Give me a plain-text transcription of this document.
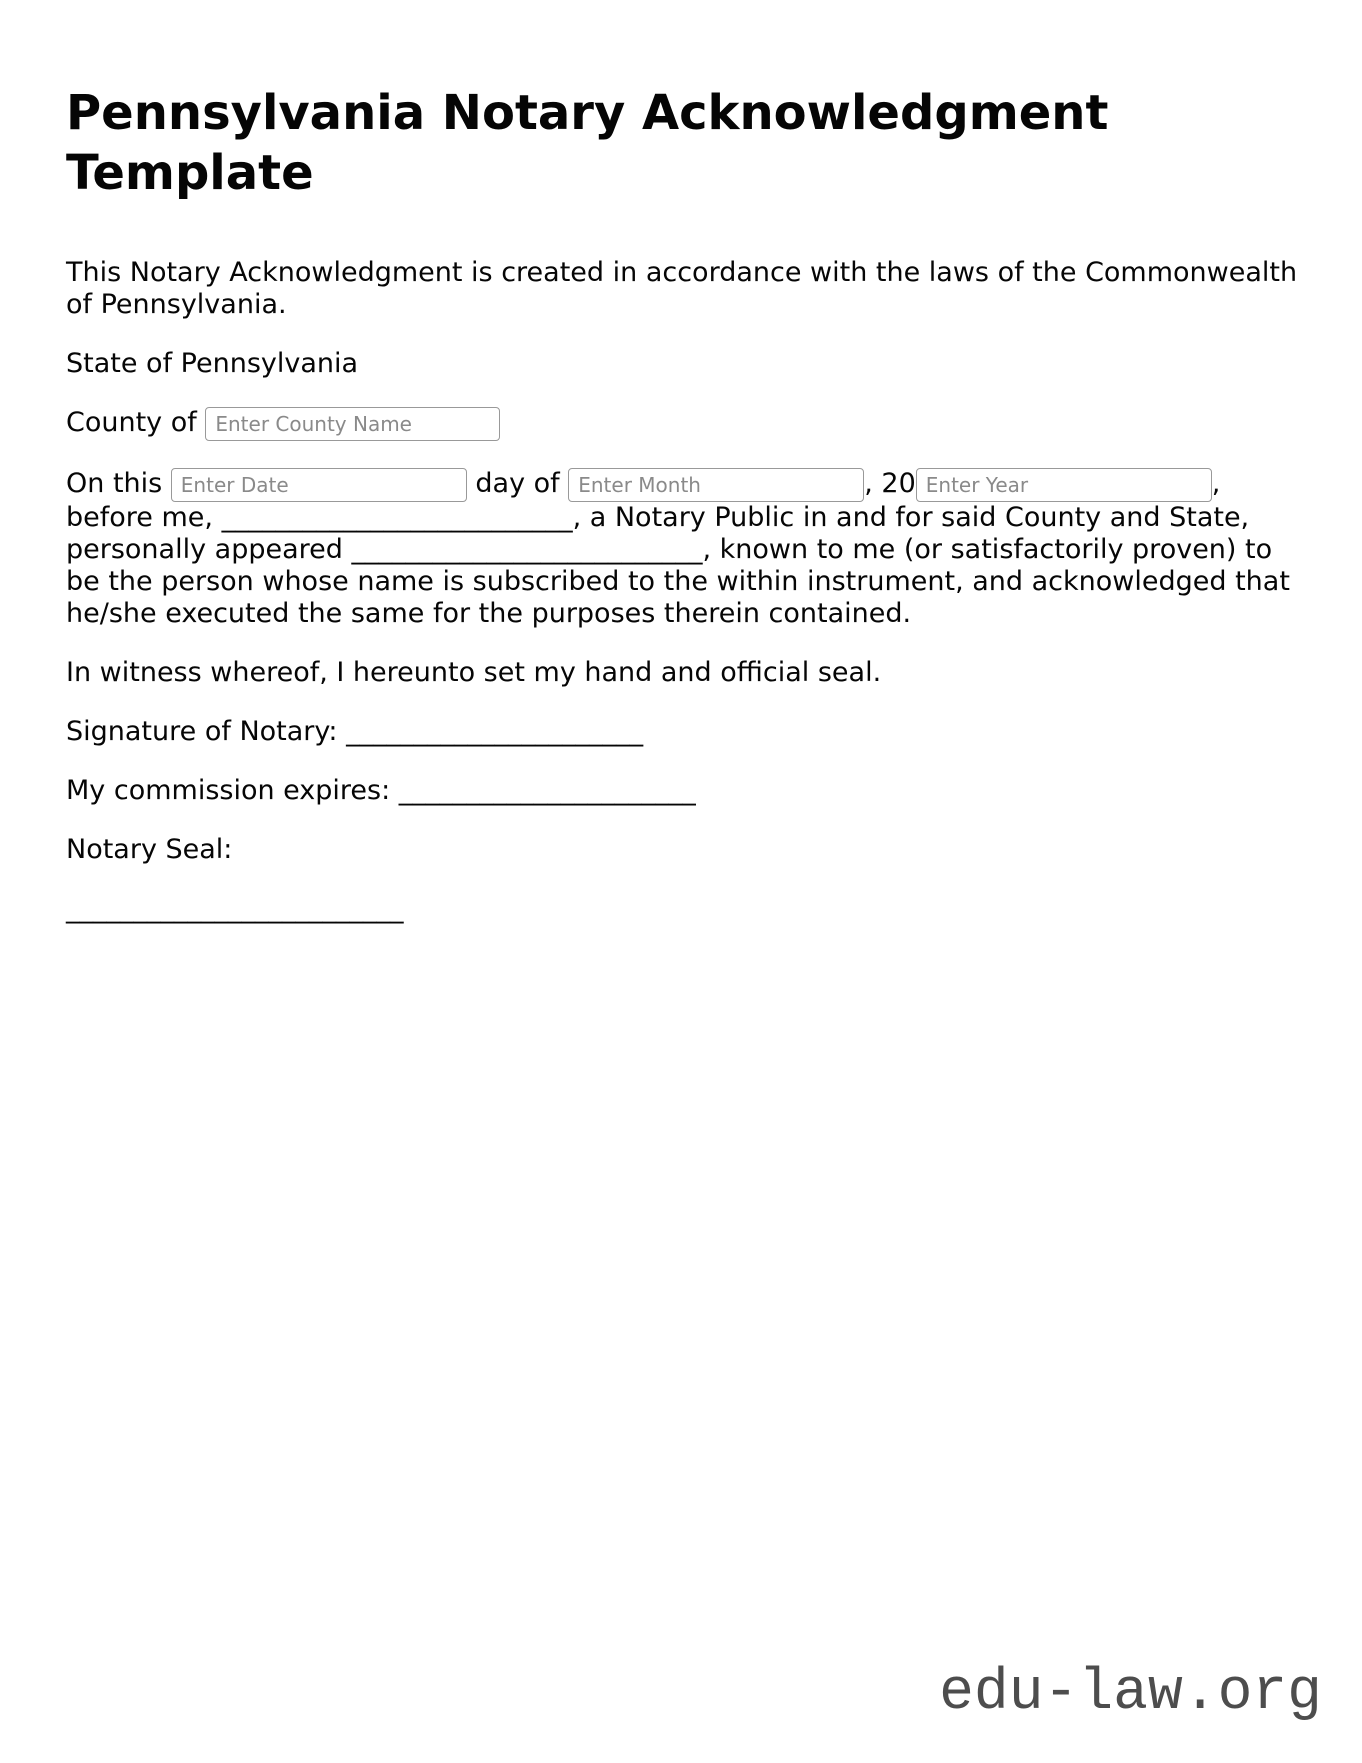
Pennsylvania Notary Acknowledgment Template

This Notary Acknowledgment is created in accordance with the laws of the Commonwealth of Pennsylvania.

State of Pennsylvania

County of Enter County Name

On this Enter Date	day of Enter Month	, 20Enter Year	, before me, __________________________, a Notary Public in and for said County and State, personally appeared __________________________, known to me (or satisfactorily proven) to be the person whose name is subscribed to the within instrument, and acknowledged that he/she executed the same for the purposes therein contained.

In witness whereof, I hereunto set my hand and official seal.

Signature of Notary: ______________________

My commission expires: ______________________

Notary Seal:

_________________________

edu-law.org
